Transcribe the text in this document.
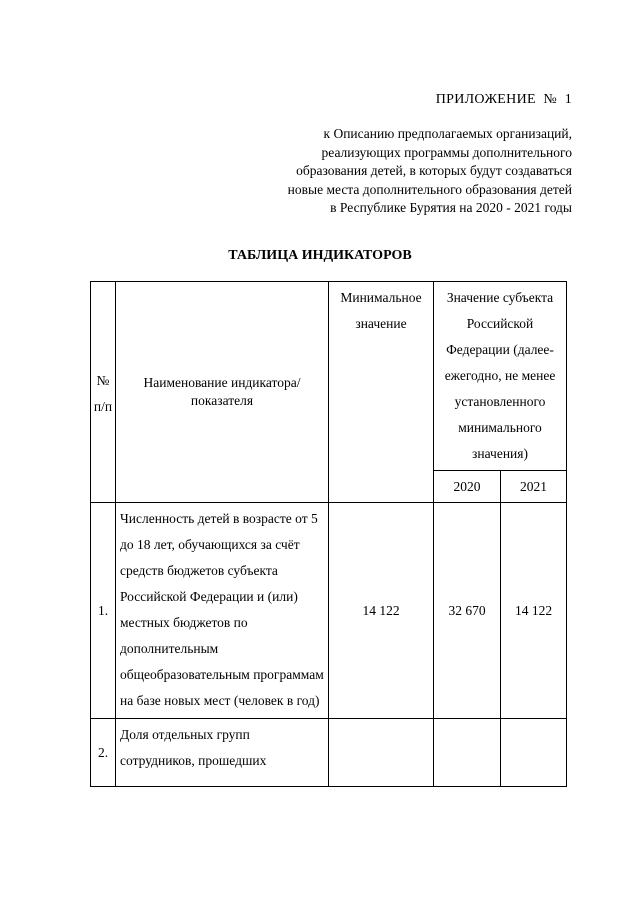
ПРИЛОЖЕНИЕ  №  1
к Описанию предполагаемых организаций,
реализующих программы дополнительного
образования детей, в которых будут создаваться
новые места дополнительного образования детей
в Республике Бурятия на 2020 - 2021 годы
ТАБЛИЦА ИНДИКАТОРОВ
№ п/п	Наименование индикатора/показателя	Минимальное значение	Значение субъекта Российской Федерации (далее-ежегодно, не менее установленного минимального значения)	
			2020	2021
1.	Численность детей в возрасте от 5 до 18 лет, обучающихся за счёт средств бюджетов субъекта Российской Федерации и (или) местных бюджетов по дополнительным общеобразовательным программам на базе новых мест (человек в год)	14 122	32 670	14 122
2.	Доля отдельных групп сотрудников, прошедших			
